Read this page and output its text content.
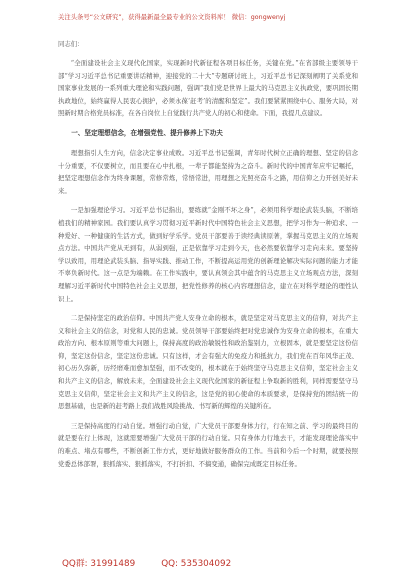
关注头条号“公文研究”，获得最新最全最专业的公文资料库！ 微信：gongwenyj
同志们：

“全面建设社会主义现代化国家，实现新时代新征程各项目标任务，关键在党。”在省部级主要领导干部“学习习近平总书记重要讲话精神，迎接党的二十大”专题研讨班上，习近平总书记深刻阐明了关系党和国家事业发展的一系列重大理论和实践问题，强调“我们党是世界上最大的马克思主义执政党，要巩固长期执政地位，始终赢得人民衷心拥护，必须永葆‘赶考’的清醒和坚定”。我们要紧紧围绕中心、服务大局，对照新时期合格党员标准，在各自岗位上自觉践行共产党人的初心和使命。下面，我提几点建议。

一、坚定理想信念，在增强党性、提升修养上下功夫

理想指引人生方向，信念决定事业成败。习近平总书记强调，青年时代树立正确的理想、坚定的信念十分重要，不仅要树立，而且要在心中扎根，一辈子都能坚持为之奋斗。新时代的中国青年应牢记嘱托，把坚定理想信念作为终身课题，常修常炼，常悟常进，用理想之光照亮奋斗之路，用信仰之力开创美好未来。

一是加强理论学习。习近平总书记指出，要练就“金刚不坏之身”，必须用科学理论武装头脑，不断培植我们的精神家园。我们要认真学习贯彻习近平新时代中国特色社会主义思想，把学习作为一种追求、一种爱好、一种健康的生活方式，做到好学乐学。党员干部要善于读经典读原著，掌握马克思主义的立场观点方法。中国共产党从无到有，从弱到强，正是依靠学习走到今天，也必然要依靠学习走向未来。要坚持学以致用，用理论武装头脑、指导实践、推动工作，不断提高运用党的创新理论解决实际问题的能力才能不辜负新时代。这一点是为端赖。在工作实践中，要认真领会其中蕴含的马克思主义立场观点方法，深刻理解习近平新时代中国特色社会主义思想，把党性修养的核心内容理想信念，建立在对科学理论的理性认识上。

二是保持坚定的政治信仰。中国共产党人安身立命的根本，就是坚定对马克思主义的信仰，对共产主义和社会主义的信念，对党和人民的忠诚。党员领导干部要始终把对党忠诚作为安身立命的根本，在重大政治方向、根本原则等重大问题上，保持高度的政治敏锐性和政治鉴别力，立根固本，就是要坚定这份信仰，坚定这份信念，坚定这份忠诚。只有这样，才会有强大的免疫力和抵抗力，我们党在百年风华正茂、初心历久弥新，历经磨难而愈加坚强，而不改变的，根本就在于始终坚守马克思主义信仰，坚定社会主义和共产主义的信念，解放未来，全面建设社会主义现代化国家的新征程上争取新的胜利，同样需要坚守马克思主义信仰，坚定社会主义和共产主义的信念，这是党的初心使命的本质要求，是保持党的团结统一的思想基础，也是新的赶考路上我们战胜风险挑战、书写新的辉煌的关键所在。

三是保持高度的行动自觉。增强行动自觉，广大党员干部要身体力行，行在知之前、学习的最终目的就是要在行上体现，这就需要增强广大党员干部的行动自觉。只有身体力行地去干，才能发现理论落实中的难点、堵点有哪些，不断创新工作方式，更好地做好服务群众的工作。当前和今后一个时期，就要按照党委总体部署，狠抓落实、狠抓落实，不打折扣、不搞变通，确保完成既定目标任务。

QQ群: 31991489	QQ: 535304092
